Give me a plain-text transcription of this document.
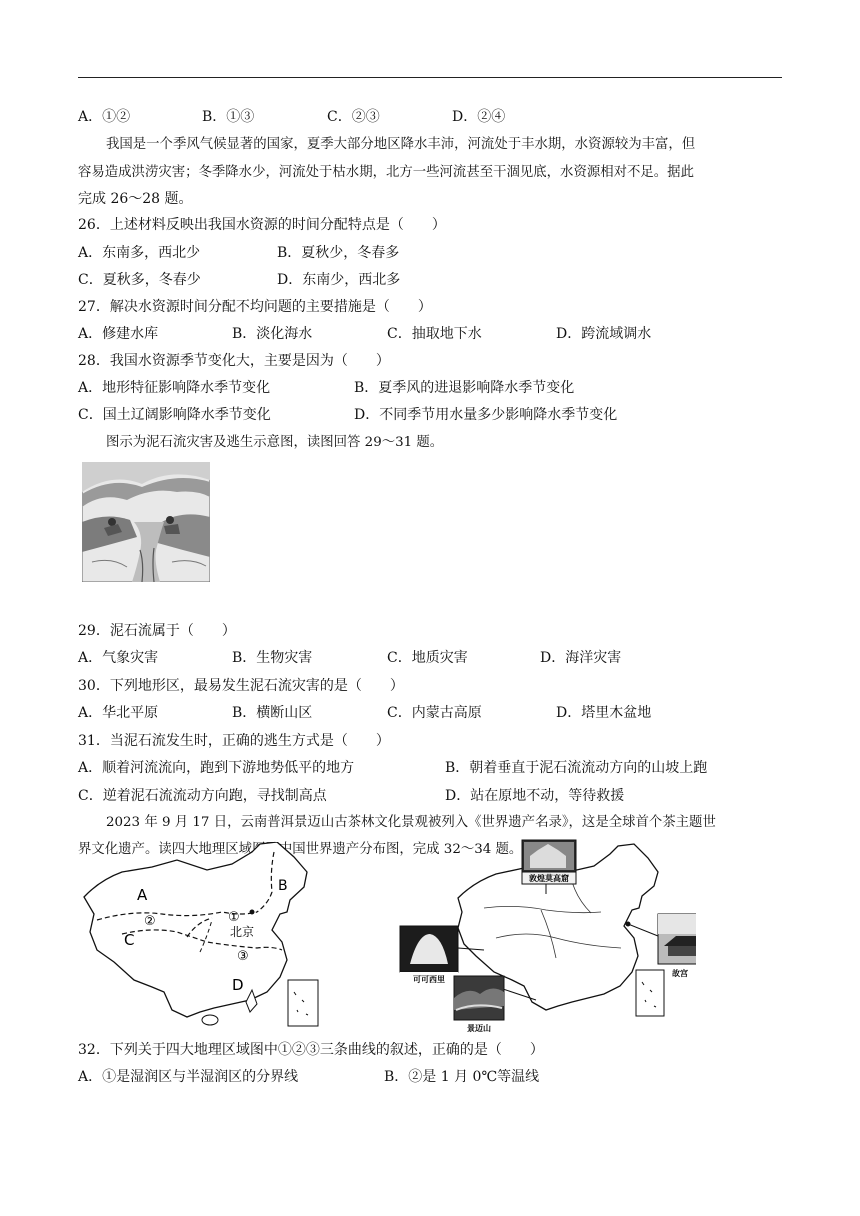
A．①②	B．①③	C．②③	D．②④
我国是一个季风气候显著的国家，夏季大部分地区降水丰沛，河流处于丰水期，水资源较为丰富，但
容易造成洪涝灾害；冬季降水少，河流处于枯水期，北方一些河流甚至干涸见底，水资源相对不足。据此
完成 26～28 题。
26．上述材料反映出我国水资源的时间分配特点是（　　）
A．东南多，西北少	B．夏秋少，冬春多
C．夏秋多，冬春少	D．东南少，西北多
27．解决水资源时间分配不均问题的主要措施是（　　）
A．修建水库	B．淡化海水	C．抽取地下水	D．跨流域调水
28．我国水资源季节变化大，主要是因为（　　）
A．地形特征影响降水季节变化	B．夏季风的进退影响降水季节变化
C．国土辽阔影响降水季节变化	D．不同季节用水量多少影响降水季节变化
图示为泥石流灾害及逃生示意图，读图回答 29～31 题。
29．泥石流属于（　　）
A．气象灾害	B．生物灾害	C．地质灾害	D．海洋灾害
30．下列地形区，最易发生泥石流灾害的是（　　）
A．华北平原	B．横断山区	C．内蒙古高原	D．塔里木盆地
31．当泥石流发生时，正确的逃生方式是（　　）
A．顺着河流流向，跑到下游地势低平的地方	B．朝着垂直于泥石流流动方向的山坡上跑
C．逆着泥石流流动方向跑，寻找制高点	D．站在原地不动，等待救援
2023 年 9 月 17 日，云南普洱景迈山古茶林文化景观被列入《世界遗产名录》，这是全球首个茶主题世
界文化遗产。读四大地理区域图及中国世界遗产分布图，完成 32～34 题。
A	B
C
D
①
②
③
北京
敦煌莫高窟
可可西里
故宫
景迈山
32．下列关于四大地理区域图中①②③三条曲线的叙述，正确的是（　　）
A．①是湿润区与半湿润区的分界线	B．②是 1 月 0℃等温线
